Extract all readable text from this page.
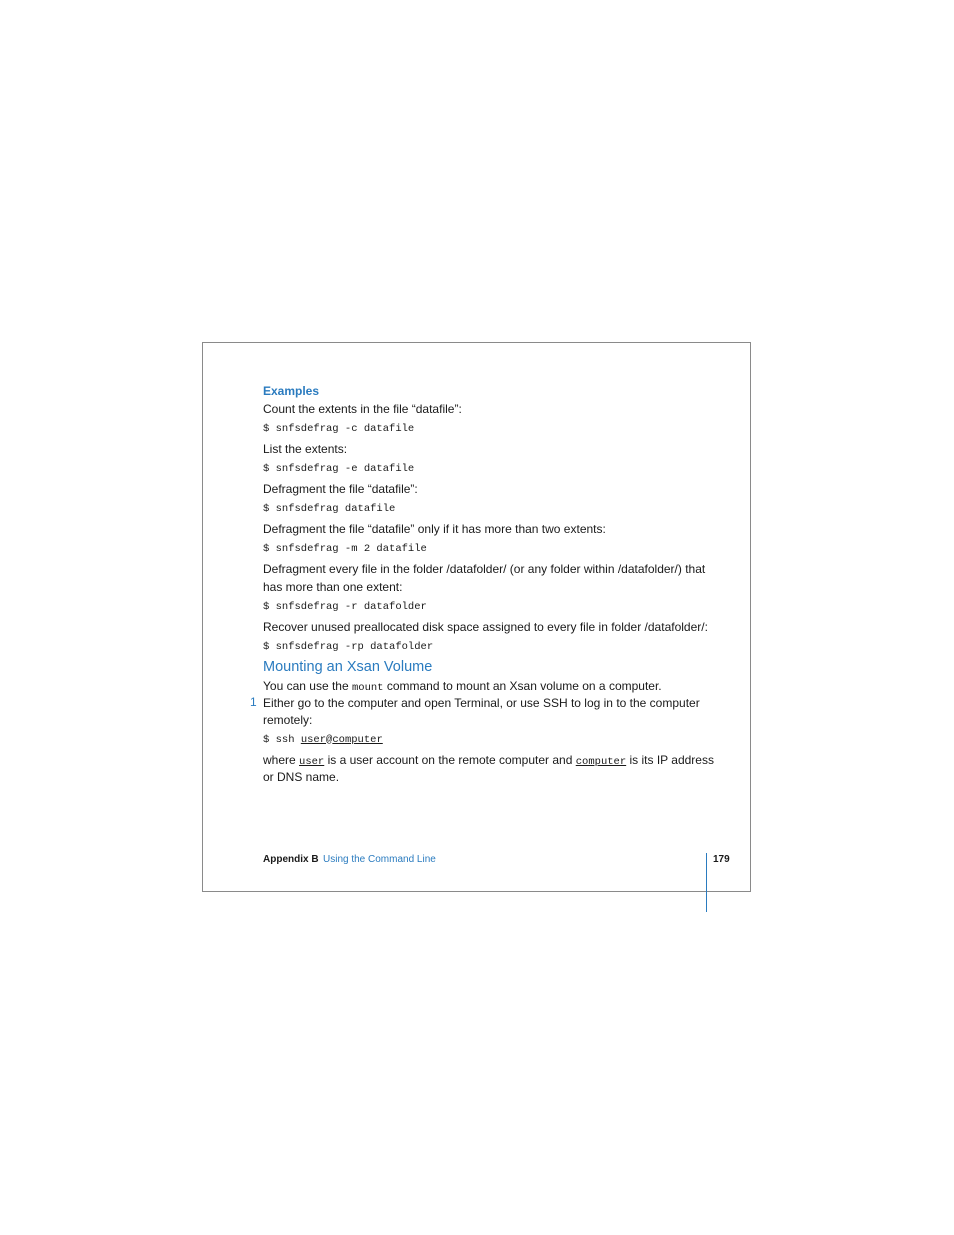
Examples
Count the extents in the file “datafile”:
$ snfsdefrag -c datafile
List the extents:
$ snfsdefrag -e datafile
Defragment the file “datafile”:
$ snfsdefrag datafile
Defragment the file “datafile” only if it has more than two extents:
$ snfsdefrag -m 2 datafile
Defragment every file in the folder /datafolder/ (or any folder within /datafolder/) that
has more than one extent:
$ snfsdefrag -r datafolder
Recover unused preallocated disk space assigned to every file in folder /datafolder/:
$ snfsdefrag -rp datafolder
Mounting an Xsan Volume
You can use the mount command to mount an Xsan volume on a computer.
1 Either go to the computer and open Terminal, or use SSH to log in to the computer
remotely:
$ ssh user@computer
where user is a user account on the remote computer and computer is its IP address
or DNS name.
Appendix B Using the Command Line	179
